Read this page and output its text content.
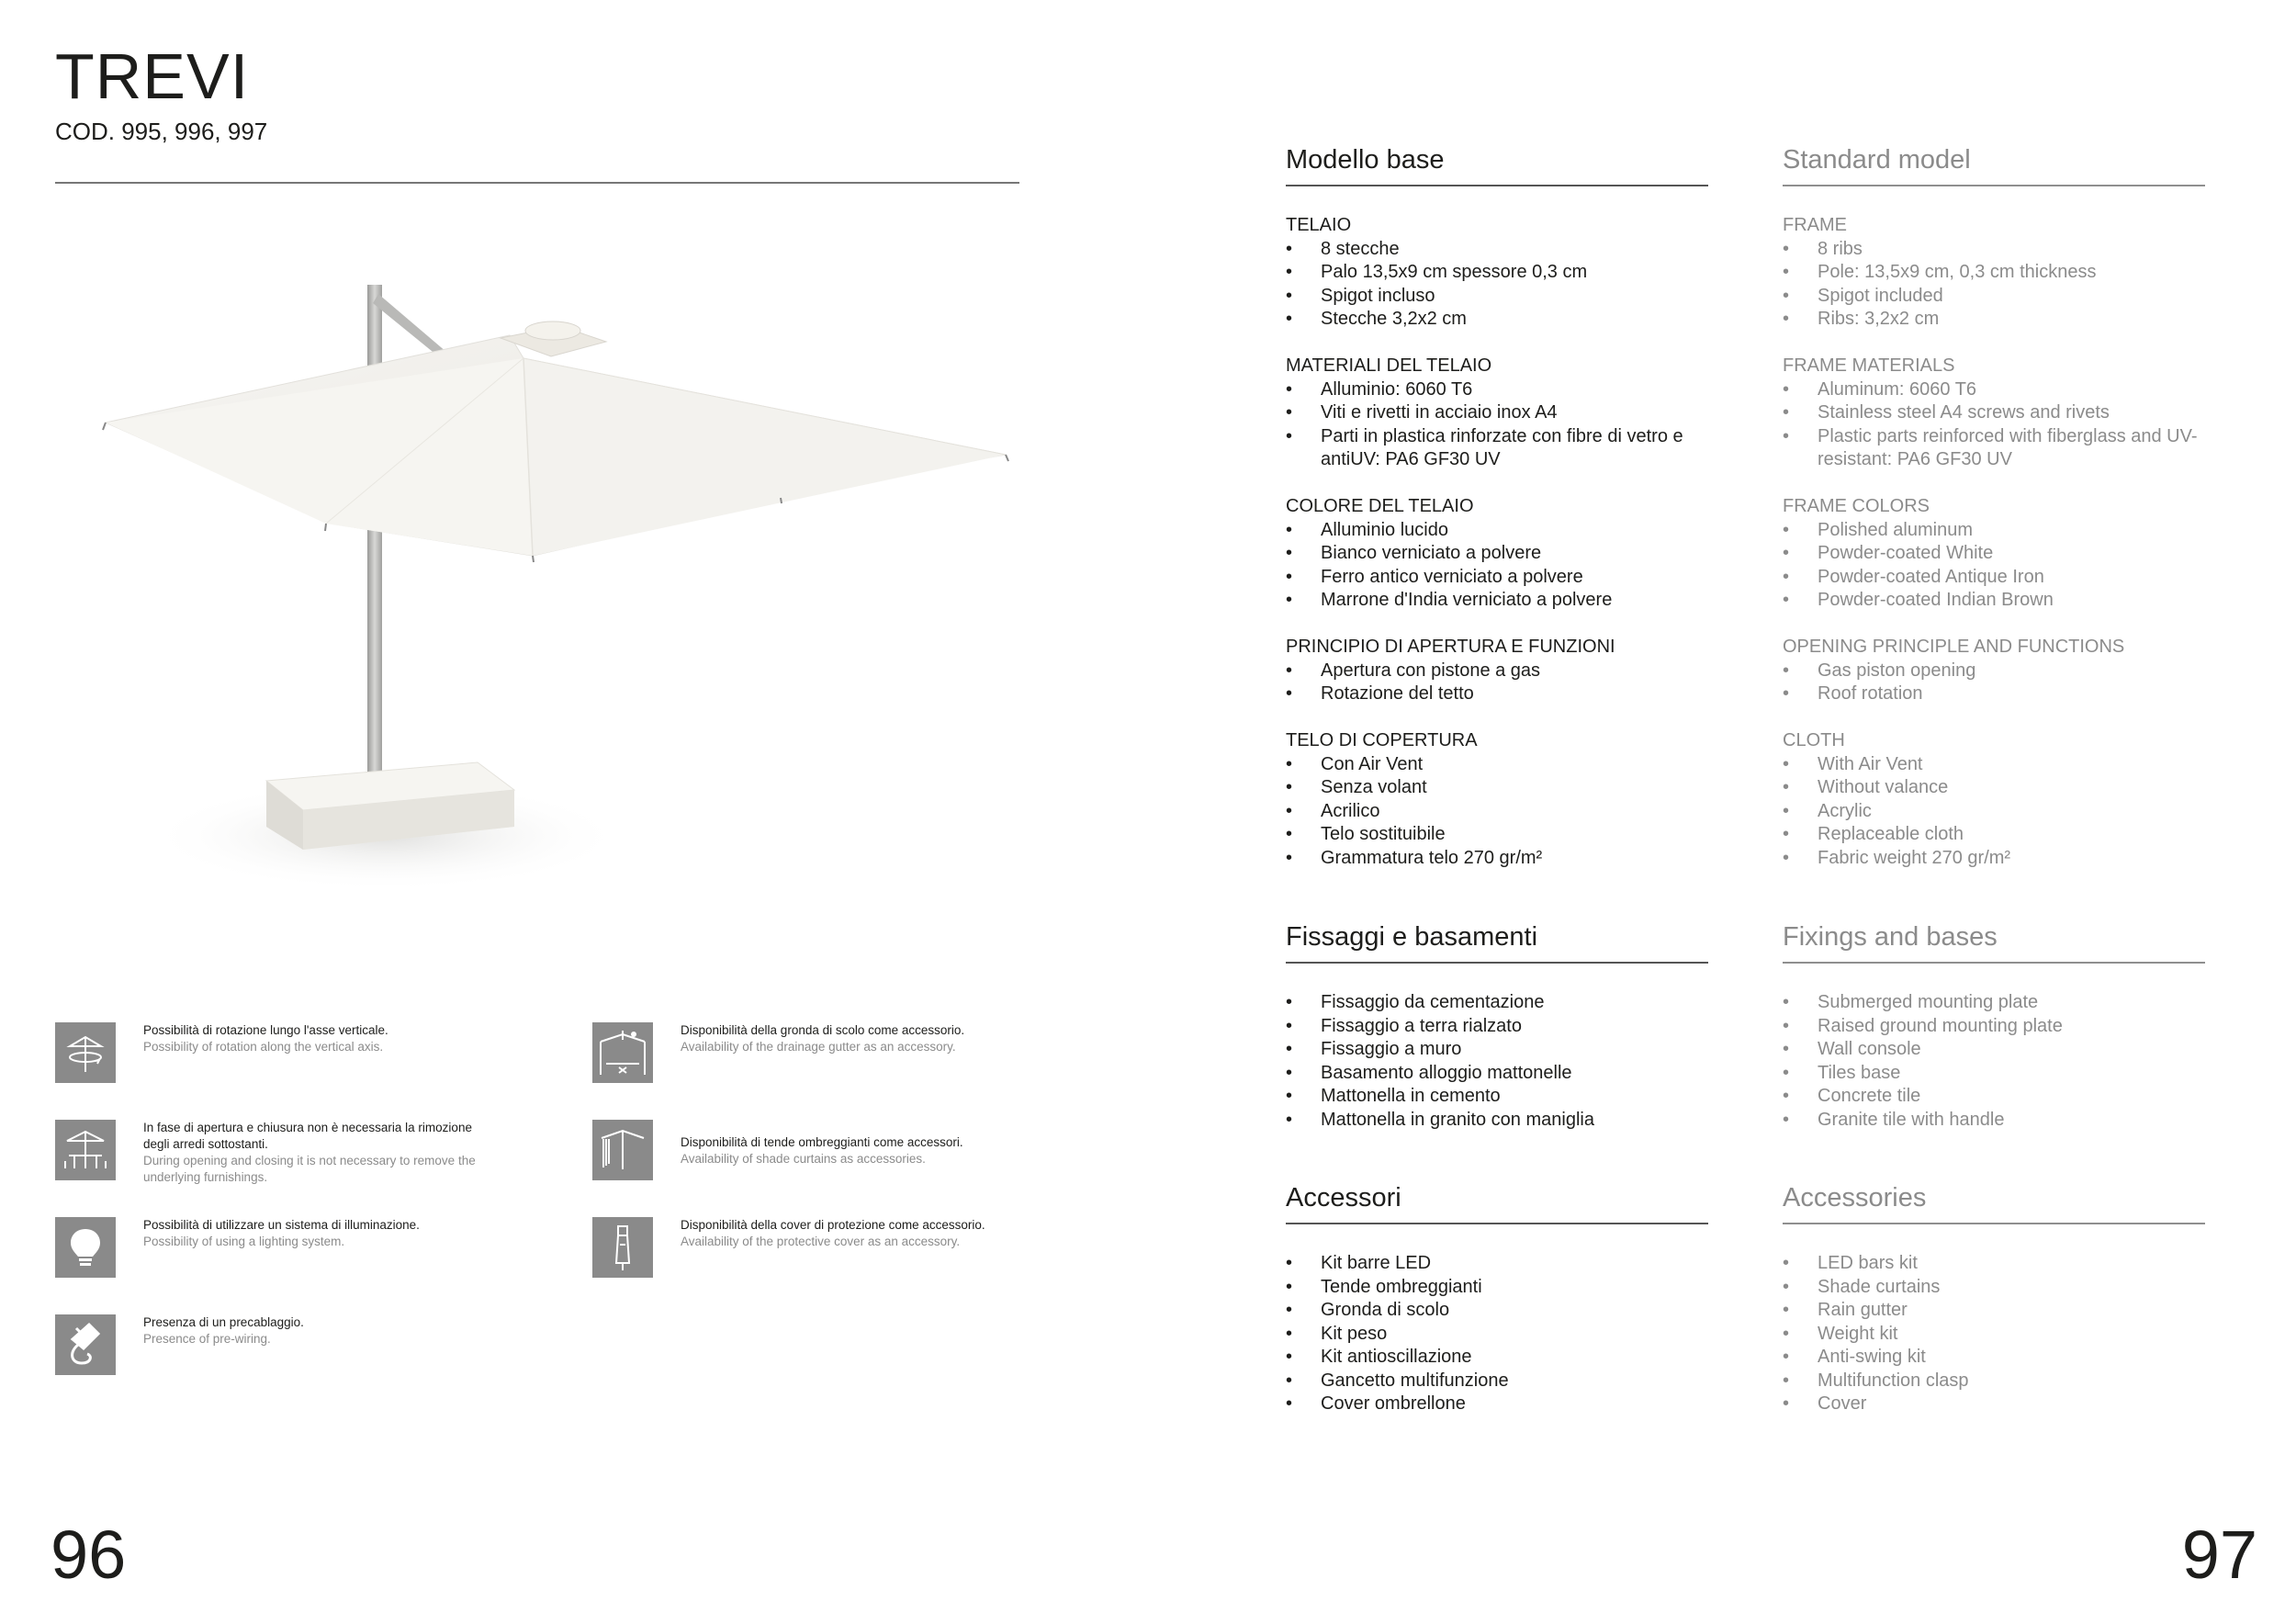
TREVI
COD. 995, 996, 997
Possibilità di rotazione lungo l'asse verticale.
Possibility of rotation along the vertical axis.
Disponibilità della gronda di scolo come accessorio.
Availability of the drainage gutter as an accessory.
In fase di apertura e chiusura non è necessaria la rimozione degli arredi sottostanti.
During opening and closing it is not necessary to remove the underlying furnishings.
Disponibilità di tende ombreggianti come accessori.
Availability of shade curtains as accessories.
Possibilità di utilizzare un sistema di illuminazione.
Possibility of using a lighting system.
Disponibilità della cover di protezione come accessorio.
Availability of the protective cover as an accessory.
Presenza di un precablaggio.
Presence of pre-wiring.
96
Modello base
TELAIO
• 8 stecche
• Palo 13,5x9 cm spessore 0,3 cm
• Spigot incluso
• Stecche 3,2x2 cm
MATERIALI DEL TELAIO
• Alluminio: 6060 T6
• Viti e rivetti in acciaio inox A4
• Parti in plastica rinforzate con fibre di vetro e antiUV: PA6 GF30 UV
COLORE DEL TELAIO
• Alluminio lucido
• Bianco verniciato a polvere
• Ferro antico verniciato a polvere
• Marrone d'India verniciato a polvere
PRINCIPIO DI APERTURA E FUNZIONI
• Apertura con pistone a gas
• Rotazione del tetto
TELO DI COPERTURA
• Con Air Vent
• Senza volant
• Acrilico
• Telo sostituibile
• Grammatura telo 270 gr/m²
Standard model
FRAME
• 8 ribs
• Pole: 13,5x9 cm, 0,3 cm thickness
• Spigot included
• Ribs: 3,2x2 cm
FRAME MATERIALS
• Aluminum: 6060 T6
• Stainless steel A4 screws and rivets
• Plastic parts reinforced with fiberglass and UV-resistant: PA6 GF30 UV
FRAME COLORS
• Polished aluminum
• Powder-coated White
• Powder-coated Antique Iron
• Powder-coated Indian Brown
OPENING PRINCIPLE AND FUNCTIONS
• Gas piston opening
• Roof rotation
CLOTH
• With Air Vent
• Without valance
• Acrylic
• Replaceable cloth
• Fabric weight 270 gr/m²
Fissaggi e basamenti
• Fissaggio da cementazione
• Fissaggio a terra rialzato
• Fissaggio a muro
• Basamento alloggio mattonelle
• Mattonella in cemento
• Mattonella in granito con maniglia
Fixings and bases
• Submerged mounting plate
• Raised ground mounting plate
• Wall console
• Tiles base
• Concrete tile
• Granite tile with handle
Accessori
• Kit barre LED
• Tende ombreggianti
• Gronda di scolo
• Kit peso
• Kit antioscillazione
• Gancetto multifunzione
• Cover ombrellone
Accessories
• LED bars kit
• Shade curtains
• Rain gutter
• Weight kit
• Anti-swing kit
• Multifunction clasp
• Cover
97
